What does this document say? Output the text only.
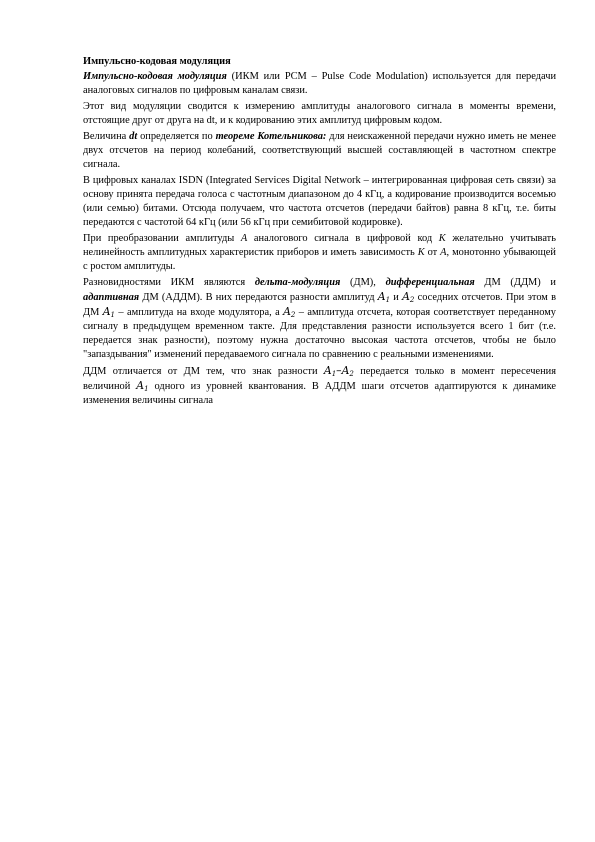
Импульсно-кодовая модуляция

Импульсно-кодовая модуляция (ИКМ или PCM – Pulse Code Modulation) используется для передачи аналоговых сигналов по цифровым каналам связи.

Этот вид модуляции сводится к измерению амплитуды аналогового сигнала в моменты времени, отстоящие друг от друга на dt, и к кодированию этих амплитуд цифровым кодом.

Величина dt определяется по теореме Котельникова: для неискаженной передачи нужно иметь не менее двух отсчетов на период колебаний, соответствующий высшей составляющей в частотном спектре сигнала.

В цифровых каналах ISDN (Integrated Services Digital Network – интегрированная цифровая сеть связи) за основу принята передача голоса с частотным диапазоном до 4 кГц, а кодирование производится восемью (или семью) битами. Отсюда получаем, что частота отсчетов (передачи байтов) равна 8 кГц, т.е. биты передаются с частотой 64 кГц (или 56 кГц при семибитовой кодировке).

При преобразовании амплитуды A аналогового сигнала в цифровой код K желательно учитывать нелинейность амплитудных характеристик приборов и иметь зависимость K от A, монотонно убывающей с ростом амплитуды.

Разновидностями ИКМ являются дельта-модуляция (ДМ), дифференциальная ДМ (ДДМ) и адаптивная ДМ (АДДМ). В них передаются разности амплитуд $A_1$ и $A_2$ соседних отсчетов. При этом в ДМ $A_1$ – амплитуда на входе модулятора, а $A_2$ – амплитуда отсчета, которая соответствует переданному сигналу в предыдущем временном такте. Для представления разности используется всего 1 бит (т.е. передается знак разности), поэтому нужна достаточно высокая частота отсчетов, чтобы не было "запаздывания" изменений передаваемого сигнала по сравнению с реальными изменениями.

ДДМ отличается от ДМ тем, что знак разности $A_1-A_2$ передается только в момент пересечения величиной $A_1$ одного из уровней квантования. В АДДМ шаги отсчетов адаптируются к динамике изменения величины сигнала
